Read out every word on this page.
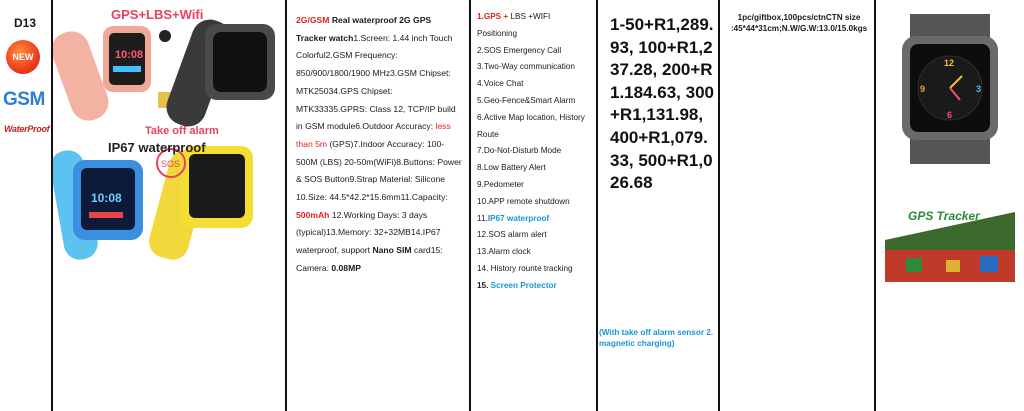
D13
NEW
GSM
WaterProof
GPS+LBS+Wifi
10:08
10:08
SOS
Take off alarm
IP67 waterproof
2G/GSM Real waterproof 2G GPS Tracker watch1.Screen: 1.44 inch Touch Colorful2.GSM Frequency: 850/900/1800/1900 MHz3.GSM Chipset: MTK25034.GPS Chipset: MTK33335.GPRS: Class 12, TCP/IP build in GSM module6.Outdoor Accuracy: less than 5m (GPS)7.Indoor Accuracy: 100-500M (LBS) 20-50m(WiFi)8.Buttons: Power & SOS Button9.Strap Material: Silicone 10.Size: 44.5*42.2*15.6mm11.Capacity: 500mAh 12.Working Days: 3 days (typical)13.Memory: 32+32MB14.IP67 waterproof, support Nano SIM card15: Camera: 0.08MP
1.GPS + LBS +WIFI Positioning
2.SOS Emergency Call
3.Two-Way communication
4.Voice Chat
5.Geo-Fence&Smart Alarm
6.Active Map location, History Route
7.Do-Not-Disturb Mode
8.Low Battery Alert
9.Pedometer
10.APP remote shutdown
11.IP67 waterproof
12.SOS alarm alert
13.Alarm clock
14. History rounte tracking
15. Screen Protector
1-50+R1,289.93, 100+R1,237.28, 200+R1.184.63, 300+R1,131.98, 400+R1,079.33, 500+R1,026.68
(With take off alarm sensor 2. magnetic charging)
1pc/giftbox,100pcs/ctnCTN size :45*44*31cm;N.W/G.W:13.0/15.0kgs
12
3
6
9
GPS Tracker
